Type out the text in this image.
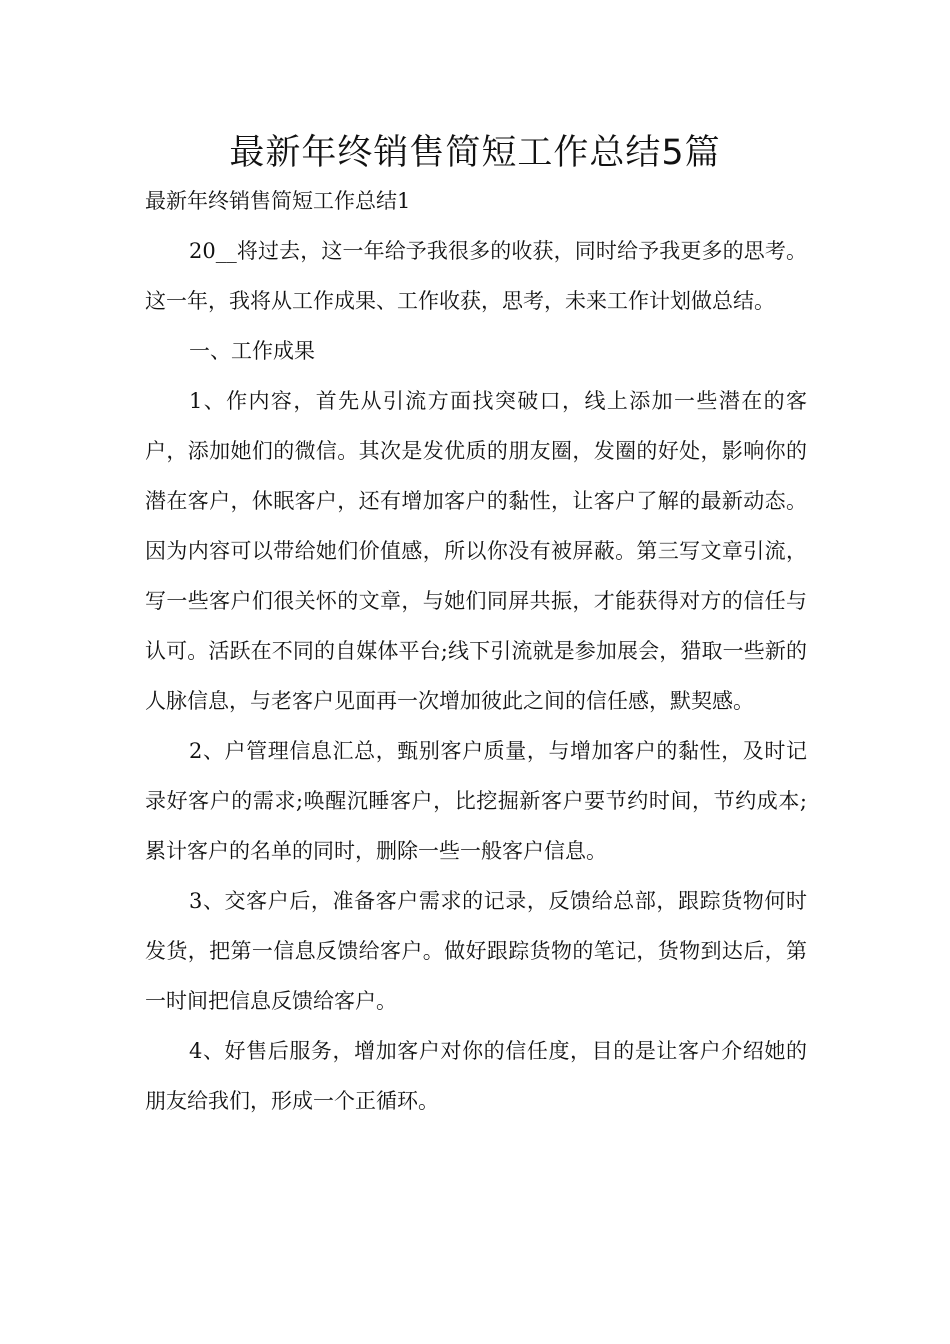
最新年终销售简短工作总结5篇

最新年终销售简短工作总结1

20__将过去，这一年给予我很多的收获，同时给予我更多的思考。这一年，我将从工作成果、工作收获，思考，未来工作计划做总结。

一、工作成果

1、作内容，首先从引流方面找突破口，线上添加一些潜在的客户，添加她们的微信。其次是发优质的朋友圈，发圈的好处，影响你的潜在客户，休眠客户，还有增加客户的黏性，让客户了解的最新动态。因为内容可以带给她们价值感，所以你没有被屏蔽。第三写文章引流，写一些客户们很关怀的文章，与她们同屏共振，才能获得对方的信任与认可。活跃在不同的自媒体平台;线下引流就是参加展会，猎取一些新的人脉信息，与老客户见面再一次增加彼此之间的信任感，默契感。

2、户管理信息汇总，甄别客户质量，与增加客户的黏性，及时记录好客户的需求;唤醒沉睡客户，比挖掘新客户要节约时间，节约成本;累计客户的名单的同时，删除一些一般客户信息。

3、交客户后，准备客户需求的记录，反馈给总部，跟踪货物何时发货，把第一信息反馈给客户。做好跟踪货物的笔记，货物到达后，第一时间把信息反馈给客户。

4、好售后服务，增加客户对你的信任度，目的是让客户介绍她的朋友给我们，形成一个正循环。
